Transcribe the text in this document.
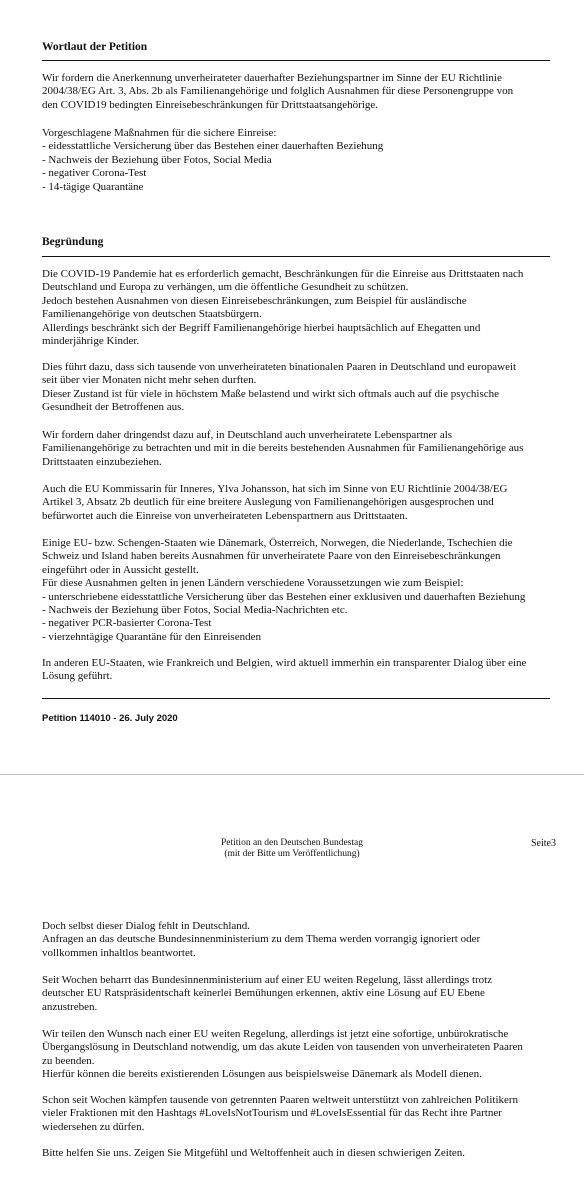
Wortlaut der Petition

Wir fordern die Anerkennung unverheirateter dauerhafter Beziehungspartner im Sinne der EU Richtlinie
2004/38/EG Art. 3, Abs. 2b als Familienangehörige und folglich Ausnahmen für diese Personengruppe von
den COVID19 bedingten Einreisebeschränkungen für Drittstaatsangehörige.

Vorgeschlagene Maßnahmen für die sichere Einreise:
- eidesstattliche Versicherung über das Bestehen einer dauerhaften Beziehung
- Nachweis der Beziehung über Fotos, Social Media
- negativer Corona-Test
- 14-tägige Quarantäne

Begründung

Die COVID-19 Pandemie hat es erforderlich gemacht, Beschränkungen für die Einreise aus Drittstaaten nach
Deutschland und Europa zu verhängen, um die öffentliche Gesundheit zu schützen.
Jedoch bestehen Ausnahmen von diesen Einreisebeschränkungen, zum Beispiel für ausländische
Familienangehörige von deutschen Staatsbürgern.
Allerdings beschränkt sich der Begriff Familienangehörige hierbei hauptsächlich auf Ehegatten und
minderjährige Kinder.

Dies führt dazu, dass sich tausende von unverheirateten binationalen Paaren in Deutschland und europaweit
seit über vier Monaten nicht mehr sehen durften.
Dieser Zustand ist für viele in höchstem Maße belastend und wirkt sich oftmals auch auf die psychische
Gesundheit der Betroffenen aus.

Wir fordern daher dringendst dazu auf, in Deutschland auch unverheiratete Lebenspartner als
Familienangehörige zu betrachten und mit in die bereits bestehenden Ausnahmen für Familienangehörige aus
Drittstaaten einzubeziehen.

Auch die EU Kommissarin für Inneres, Ylva Johansson, hat sich im Sinne von EU Richtlinie 2004/38/EG
Artikel 3, Absatz 2b deutlich für eine breitere Auslegung von Familienangehörigen ausgesprochen und
befürwortet auch die Einreise von unverheirateten Lebenspartnern aus Drittstaaten.

Einige EU- bzw. Schengen-Staaten wie Dänemark, Österreich, Norwegen, die Niederlande, Tschechien die
Schweiz und Island haben bereits Ausnahmen für unverheiratete Paare von den Einreisebeschränkungen
eingeführt oder in Aussicht gestellt.
Für diese Ausnahmen gelten in jenen Ländern verschiedene Voraussetzungen wie zum Beispiel:
- unterschriebene eidesstattliche Versicherung über das Bestehen einer exklusiven und dauerhaften Beziehung
- Nachweis der Beziehung über Fotos, Social Media-Nachrichten etc.
- negativer PCR-basierter Corona-Test
- vierzehntägige Quarantäne für den Einreisenden

In anderen EU-Staaten, wie Frankreich und Belgien, wird aktuell immerhin ein transparenter Dialog über eine
Lösung geführt.

Petition 114010 - 26. July 2020
Petition an den Deutschen Bundestag
(mit der Bitte um Veröffentlichung)
Seite3

Doch selbst dieser Dialog fehlt in Deutschland.
Anfragen an das deutsche Bundesinnenministerium zu dem Thema werden vorrangig ignoriert oder
vollkommen inhaltlos beantwortet.

Seit Wochen beharrt das Bundesinnenministerium auf einer EU weiten Regelung, lässt allerdings trotz
deutscher EU Ratspräsidentschaft keinerlei Bemühungen erkennen, aktiv eine Lösung auf EU Ebene
anzustreben.

Wir teilen den Wunsch nach einer EU weiten Regelung, allerdings ist jetzt eine sofortige, unbürokratische
Übergangslösung in Deutschland notwendig, um das akute Leiden von tausenden von unverheirateten Paaren
zu beenden.
Hierfür können die bereits existierenden Lösungen aus beispielsweise Dänemark als Modell dienen.

Schon seit Wochen kämpfen tausende von getrennten Paaren weltweit unterstützt von zahlreichen Politikern
vieler Fraktionen mit den Hashtags #LoveIsNotTourism und #LoveIsEssential für das Recht ihre Partner
wiedersehen zu dürfen.

Bitte helfen Sie uns. Zeigen Sie Mitgefühl und Weltoffenheit auch in diesen schwierigen Zeiten.
